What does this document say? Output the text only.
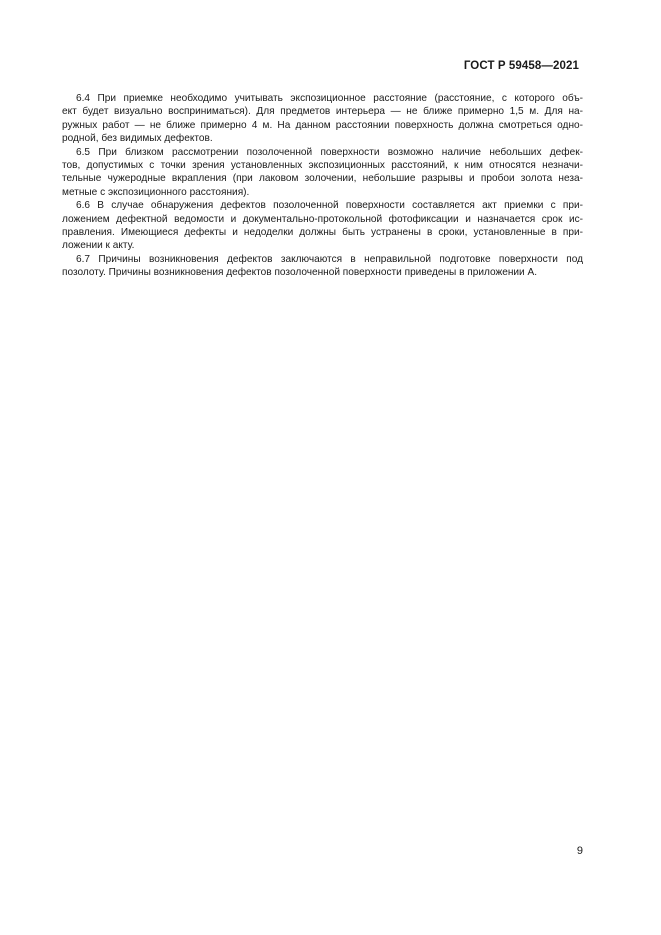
ГОСТ Р 59458—2021

6.4 При приемке необходимо учитывать экспозиционное расстояние (расстояние, с которого объ-
ект будет визуально восприниматься). Для предметов интерьера — не ближе примерно 1,5 м. Для на-
ружных работ — не ближе примерно 4 м. На данном расстоянии поверхность должна смотреться одно-
родной, без видимых дефектов.

6.5 При близком рассмотрении позолоченной поверхности возможно наличие небольших дефек-
тов, допустимых с точки зрения установленных экспозиционных расстояний, к ним относятся незначи-
тельные чужеродные вкрапления (при лаковом золочении, небольшие разрывы и пробои золота неза-
метные с экспозиционного расстояния).

6.6 В случае обнаружения дефектов позолоченной поверхности составляется акт приемки с при-
ложением дефектной ведомости и документально-протокольной фотофиксации и назначается срок ис-
правления. Имеющиеся дефекты и недоделки должны быть устранены в сроки, установленные в при-
ложении к акту.

6.7 Причины возникновения дефектов заключаются в неправильной подготовке поверхности под
позолоту. Причины возникновения дефектов позолоченной поверхности приведены в приложении А.

9
